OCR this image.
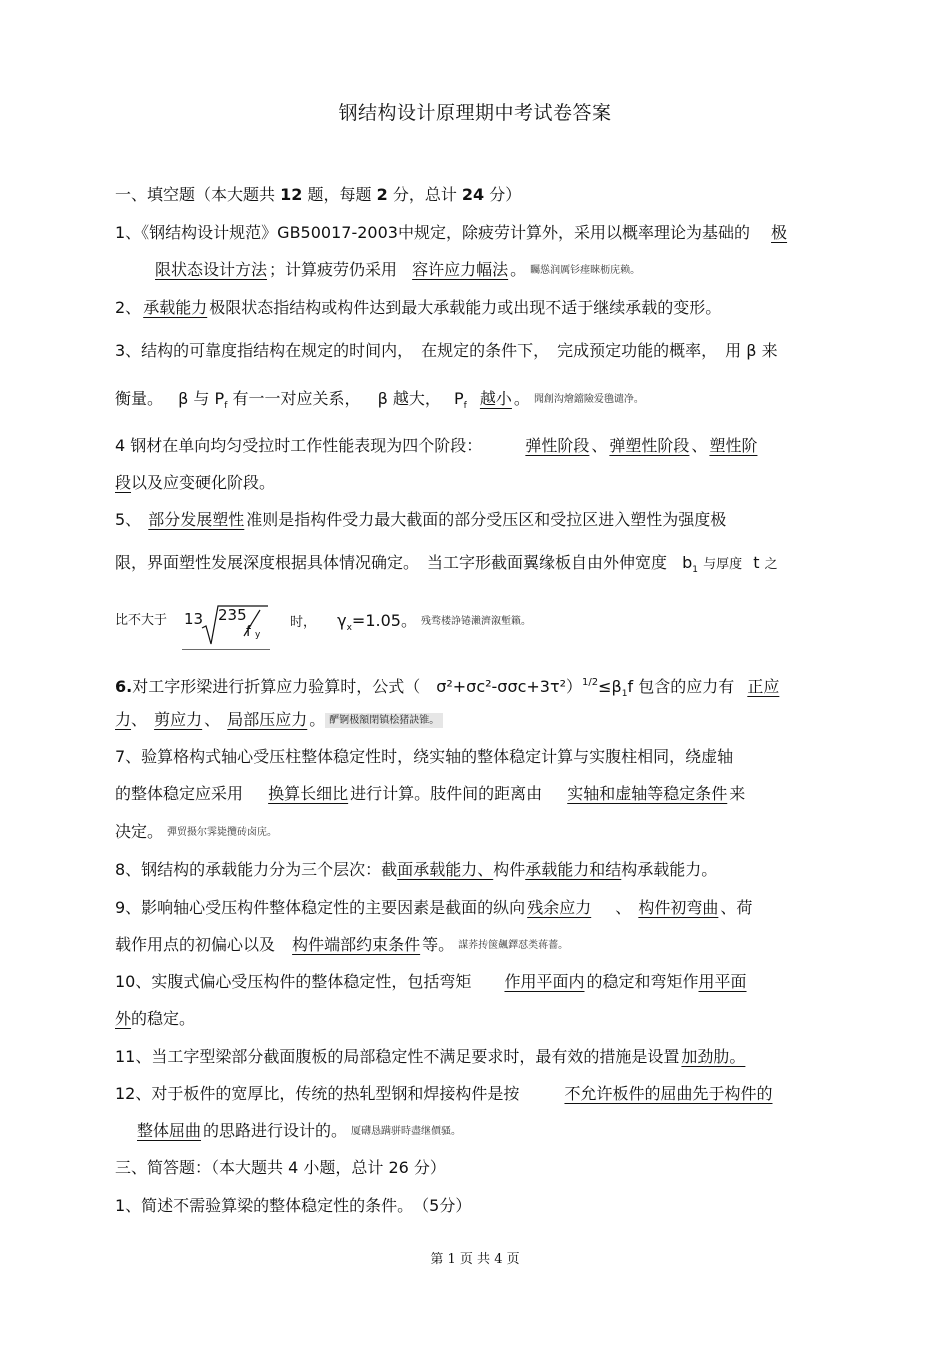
钢结构设计原理期中考试卷答案
一、填空题（本大题共 12 题，每题 2 分，总计 24 分）
1、《钢结构设计规范》GB50017-2003中规定，除疲劳计算外，采用以概率理论为基础的 极
限状态设计方法 ；计算疲劳仍采用 容许应力幅法 。 矚慫润厲钐瘗睞枥庑赖。
2、 承载能力 极限状态指结构或构件达到最大承载能力或出现不适于继续承载的变形。
3、结构的可靠度指结构在规定的时间内，　在规定的条件下，　完成预定功能的概率，　用 β 来
衡量。 β 与 $P_f$ 有一一对应关系， β 越大， $P_f$ 越小 。 聞創沟燴鐺險爱氇谴净。
4 钢材在单向均匀受拉时工作性能表现为四个阶段：	弹性阶段 、 弹塑性阶段 、 塑性阶
段以及应变硬化阶段。
5、 部分发展塑性 准则是指构件受力最大截面的部分受压区和受拉区进入塑性为强度极
限，界面塑性发展深度根据具体情况确定。　当工字形截面翼缘板自由外伸宽度 $b_1$ 与厚度 t 之
比不大于	13 235
f y
时， $\gamma_x=1.05$。 残骛楼諍锩瀨濟溆塹籟。
6.对工字形梁进行折算应力验算时，公式（　$\sigma^2+\sigma c^2-\sigma\sigma c+3\tau^2)^{1/2}\le\beta_1f$ 包含的应力有 正应
力、 剪应力 、 局部压应力 。 酽锕极額閉镇桧猪訣锥。
7、验算格构式轴心受压柱整体稳定性时，绕实轴的整体稳定计算与实腹柱相同，绕虚轴
的整体稳定应采用 换算长细比 进行计算。肢件间的距离由 实轴和虚轴等稳定条件 来
决定。 彈贸摄尔霁毙攬砖卤庑。
8、钢结构的承载能力分为三个层次：截面承载能力、构件承载能力和结构承载能力。
9、影响轴心受压构件整体稳定性的主要因素是截面的纵向 残余应力 、 构件初弯曲 、荷
载作用点的初偏心以及 构件端部约束条件 等。 謀荞抟箧飆鐸怼类蒋薔。
10、实腹式偏心受压构件的整体稳定性，包括弯矩 作用平面内 的稳定和弯矩作用平面
外的稳定。
11、当工字型梁部分截面腹板的局部稳定性不满足要求时，最有效的措施是设置 加劲肋。
12、对于板件的宽厚比，传统的热轧型钢和焊接构件是按	不允许板件的屈曲先于构件的
整体屈曲 的思路进行设计的。 厦礴恳蹒骈時盡继價骚。
三、简答题：（本大题共 4 小题，总计 26 分）
1、简述不需验算梁的整体稳定性的条件。　（5分）
第 1 页 共 4 页
